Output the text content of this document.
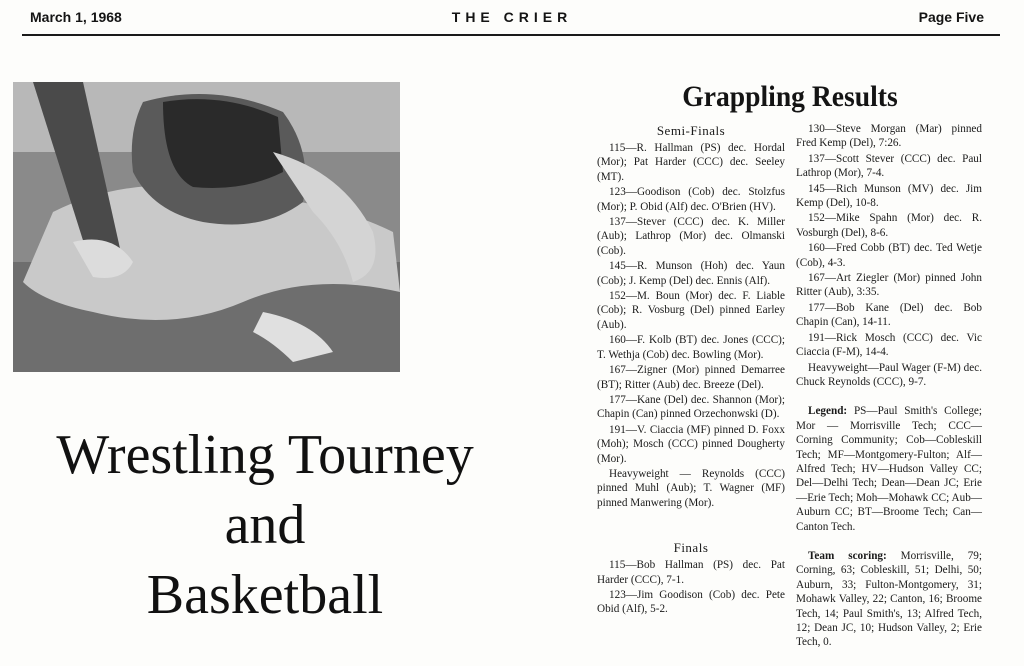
March 1, 1968	THE CRIER	Page Five
Wrestling Tourney
and
Basketball
Grappling Results
Semi-Finals
115—R. Hallman (PS) dec. Hordal (Mor); Pat Harder (CCC) dec. Seeley (MT).
123—Goodison (Cob) dec. Stolzfus (Mor); P. Obid (Alf) dec. O'Brien (HV).
137—Stever (CCC) dec. K. Miller (Aub); Lathrop (Mor) dec. Olmanski (Cob).
145—R. Munson (Hoh) dec. Yaun (Cob); J. Kemp (Del) dec. Ennis (Alf).
152—M. Boun (Mor) dec. F. Liable (Cob); R. Vosburg (Del) pinned Earley (Aub).
160—F. Kolb (BT) dec. Jones (CCC); T. Wethja (Cob) dec. Bowling (Mor).
167—Zigner (Mor) pinned Demarree (BT); Ritter (Aub) dec. Breeze (Del).
177—Kane (Del) dec. Shannon (Mor); Chapin (Can) pinned Orzechonwski (D).
191—V. Ciaccia (MF) pinned D. Foxx (Moh); Mosch (CCC) pinned Dougherty (Mor).
Heavyweight — Reynolds (CCC) pinned Muhl (Aub); T. Wagner (MF) pinned Manwering (Mor).
Finals
115—Bob Hallman (PS) dec. Pat Harder (CCC), 7-1.
123—Jim Goodison (Cob) dec. Pete Obid (Alf), 5-2.
130—Steve Morgan (Mar) pinned Fred Kemp (Del), 7:26.
137—Scott Stever (CCC) dec. Paul Lathrop (Mor), 7-4.
145—Rich Munson (MV) dec. Jim Kemp (Del), 10-8.
152—Mike Spahn (Mor) dec. R. Vosburgh (Del), 8-6.
160—Fred Cobb (BT) dec. Ted Wetje (Cob), 4-3.
167—Art Ziegler (Mor) pinned John Ritter (Aub), 3:35.
177—Bob Kane (Del) dec. Bob Chapin (Can), 14-11.
191—Rick Mosch (CCC) dec. Vic Ciaccia (F-M), 14-4.
Heavyweight—Paul Wager (F-M) dec. Chuck Reynolds (CCC), 9-7.
Legend: PS—Paul Smith's College; Mor — Morrisville Tech; CCC—Corning Community; Cob—Cobleskill Tech; MF—Montgomery-Fulton; Alf—Alfred Tech; HV—Hudson Valley CC; Del—Delhi Tech; Dean—Dean JC; Erie—Erie Tech; Moh—Mohawk CC; Aub—Auburn CC; BT—Broome Tech; Can—Canton Tech.
Team scoring: Morrisville, 79; Corning, 63; Cobleskill, 51; Delhi, 50; Auburn, 33; Fulton-Montgomery, 31; Mohawk Valley, 22; Canton, 16; Broome Tech, 14; Paul Smith's, 13; Alfred Tech, 12; Dean JC, 10; Hudson Valley, 2; Erie Tech, 0.
